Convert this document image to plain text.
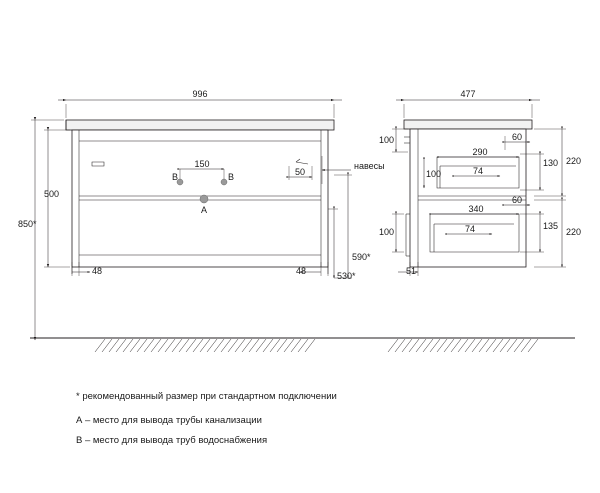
996
500
850*
150
50
48	48
B	B
A
навесы
590*
530*
477
100
100
100
290
74
60
130 220
60
340
74	135
220
51
* рекомендованный размер при стандартном подключении
А – место для вывода трубы канализации
В – место для вывода труб водоснабжения
